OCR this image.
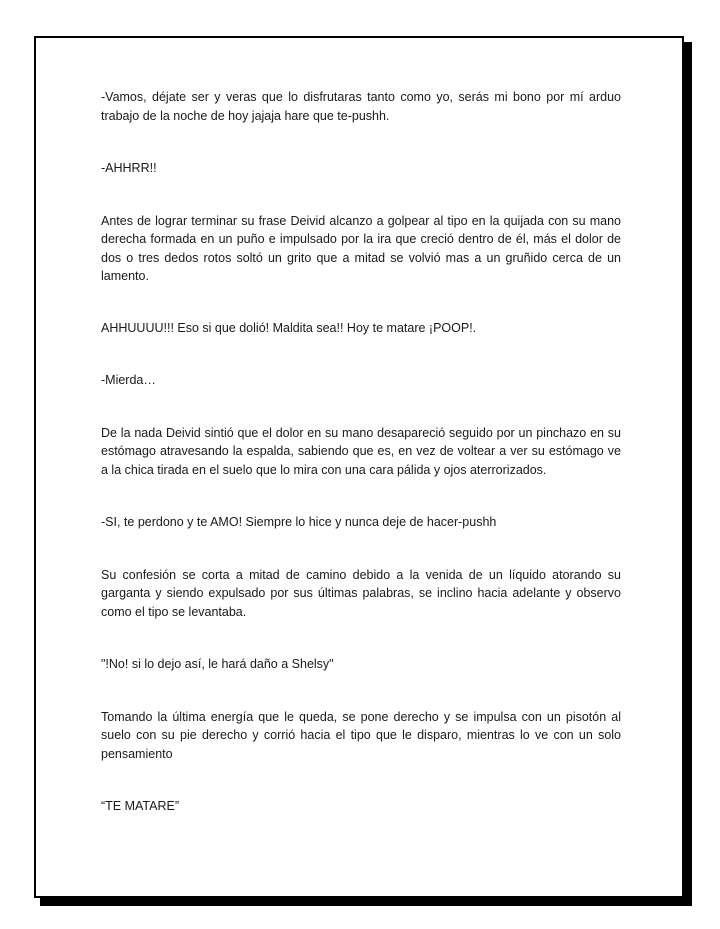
-Vamos, déjate ser y veras que lo disfrutaras tanto como yo, serás mi bono por mí arduo trabajo de la noche de hoy jajaja hare que te-pushh.

-AHHRR!!

Antes de lograr terminar su frase Deivid alcanzo a golpear al tipo en la quijada con su mano derecha formada en un puño e impulsado por la ira que creció dentro de él, más el dolor de dos o tres dedos rotos soltó un grito que a mitad se volvió mas a un gruñido cerca de un lamento.

AHHUUUU!!! Eso si que dolió! Maldita sea!! Hoy te matare ¡POOP!.

-Mierda…

De la nada Deivid sintió que el dolor en su mano desapareció seguido por un pinchazo en su estómago atravesando la espalda, sabiendo que es, en vez de voltear a ver su estómago ve a la chica tirada en el suelo que lo mira con una cara pálida y ojos aterrorizados.

-SI, te perdono y te AMO! Siempre lo hice y nunca deje de hacer-pushh

Su confesión se corta a mitad de camino debido a la venida de un líquido atorando su garganta y siendo expulsado por sus últimas palabras, se inclino hacia adelante y observo como el tipo se levantaba.

"!No! si lo dejo así, le hará daño a Shelsy"

Tomando la última energía que le queda, se pone derecho y se impulsa con un pisotón al suelo con su pie derecho y corrió hacia el tipo que le disparo, mientras lo ve con un solo pensamiento

“TE MATARE”
